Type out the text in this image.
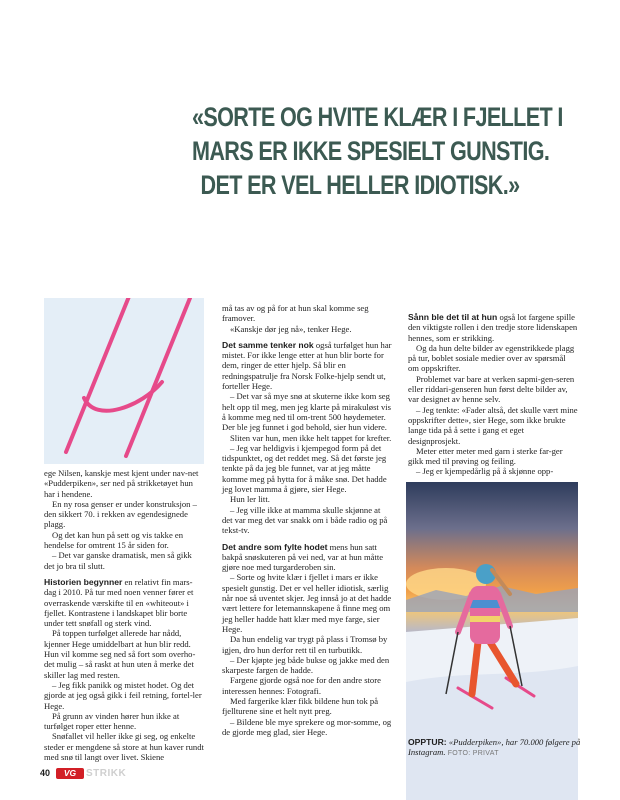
«SORTE OG HVITE KLÆR I FJELLET I
MARS ER IKKE SPESIELT GUNSTIG.
DET ER VEL HELLER IDIOTISK.»

ege Nilsen, kanskje mest kjent under nav-net «Pudderpiken», ser ned på strikketøyet hun har i hendene.

En ny rosa genser er under konstruksjon – den sikkert 70. i rekken av egendesignede plagg.

Og det kan hun på sett og vis takke en hendelse for omtrent 15 år siden for.

– Det var ganske dramatisk, men så gikk det jo bra til slutt.

Historien begynner en relativt fin mars-dag i 2010. På tur med noen venner fører et overraskende værskifte til en «whiteout» i fjellet. Kontrastene i landskapet blir borte under tett snøfall og sterk vind.

På toppen turfølget allerede har nådd, kjenner Hege umiddelbart at hun blir redd. Hun vil komme seg ned så fort som overho-det mulig – så raskt at hun uten å merke det skiller lag med resten.

– Jeg fikk panikk og mistet hodet. Og det gjorde at jeg også gikk i feil retning, fortel-ler Hege.

På grunn av vinden hører hun ikke at turfølget roper etter henne.

Snøfallet vil heller ikke gi seg, og enkelte steder er mengdene så store at hun kaver rundt med snø til langt over livet. Skiene

må tas av og på for at hun skal komme seg framover.

«Kanskje dør jeg nå», tenker Hege.

Det samme tenker nok også turfølget hun har mistet. For ikke lenge etter at hun blir borte for dem, ringer de etter hjelp. Så blir en redningspatrulje fra Norsk Folke-hjelp sendt ut, forteller Hege.

– Det var så mye snø at skuterne ikke kom seg helt opp til meg, men jeg klarte på mirakuløst vis å komme meg ned til om-trent 500 høydemeter. Der ble jeg funnet i god behold, sier hun videre.

Sliten var hun, men ikke helt tappet for krefter.

– Jeg var heldigvis i kjempegod form på det tidspunktet, og det reddet meg. Så det første jeg tenkte på da jeg ble funnet, var at jeg måtte komme meg på hytta for å måke snø. Det hadde jeg lovet mamma å gjøre, sier Hege.

Hun ler litt.

– Jeg ville ikke at mamma skulle skjønne at det var meg det var snakk om i både radio og på tekst-tv.

Det andre som fylte hodet mens hun satt bakpå snøskuteren på vei ned, var at hun måtte gjøre noe med turgarderoben sin.

– Sorte og hvite klær i fjellet i mars er ikke spesielt gunstig. Det er vel heller idiotisk, særlig når noe så uventet skjer. Jeg innså jo at det hadde vært lettere for letemannskapene å finne meg om jeg heller hadde hatt klær med mye farge, sier Hege.

Da hun endelig var trygt på plass i Tromsø by igjen, dro hun derfor rett til en turbutikk.

– Der kjøpte jeg både bukse og jakke med den skarpeste fargen de hadde.

Fargene gjorde også noe for den andre store interessen hennes: Fotografi.

Med fargerike klær fikk bildene hun tok på fjellturene sine et helt nytt preg.

– Bildene ble mye sprekere og mor-somme, og de gjorde meg glad, sier Hege.

Sånn ble det til at hun også lot fargene spille den viktigste rollen i den tredje store lidenskapen hennes, som er strikking.

Og da hun delte bilder av egenstrikkede plagg på tur, boblet sosiale medier over av spørsmål om oppskrifter.

Problemet var bare at verken sapmi-gen-seren eller riddari-genseren hun først delte bilder av, var designet av henne selv.

– Jeg tenkte: «Fader altså, det skulle vært mine oppskrifter dette», sier Hege, som ikke brukte lange tida på å sette i gang et eget designprosjekt.

Meter etter meter med garn i sterke far-ger gikk med til prøving og feiling.

– Jeg er kjempedårlig på å skjønne opp-

OPPTUR: «Pudderpiken», har 70.000 følgere på Instagram. FOTO: PRIVAT
40	VG STRIKK
